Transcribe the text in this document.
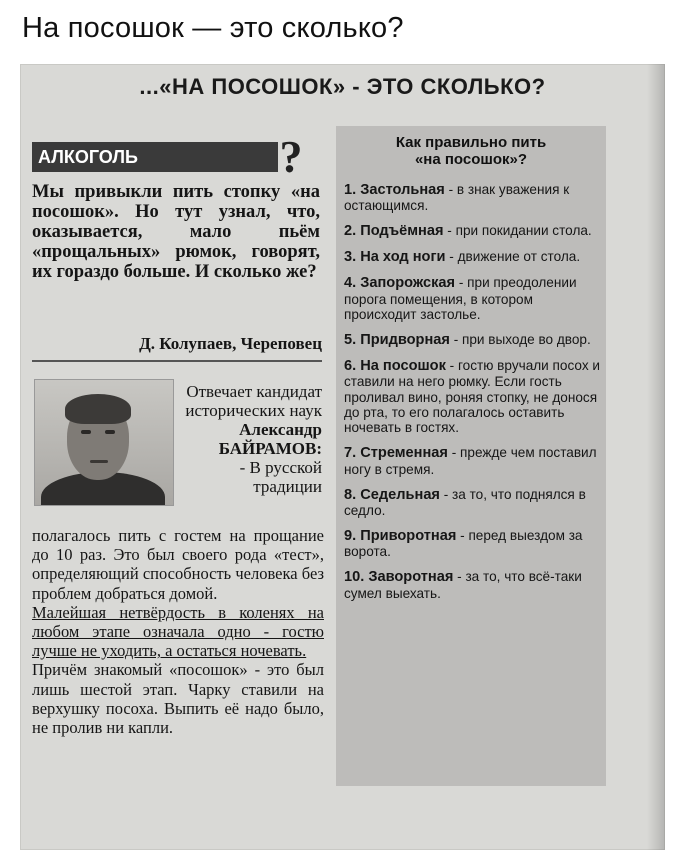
На посошок — это сколько?
...«НА ПОСОШОК» - ЭТО СКОЛЬКО?
АЛКОГОЛЬ	?
Мы привыкли пить стопку «на посошок». Но тут узнал, что, оказывается, мало пьём «прощальных» рюмок, говорят, их гораздо больше. И сколько же?
Д. Колупаев, Череповец
Отвечает кандидат исторических наук
Александр БАЙРАМОВ:
- В русской традиции

полагалось пить с гостем на прощание до 10 раз. Это был своего рода «тест», определяющий способность человека без проблем добраться домой.

Малейшая нетвёрдость в коленях на любом этапе означала одно - гостю лучше не уходить, а остаться ночевать.

Причём знакомый «посошок» - это был лишь шестой этап. Чарку ставили на верхушку посоха. Выпить её надо было, не пролив ни капли.

Как правильно пить
«на посошок»?
1. Застольная - в знак уважения к остающимся.
2. Подъёмная - при покидании стола.
3. На ход ноги - движение от стола.
4. Запорожская - при преодолении порога помещения, в котором происходит застолье.
5. Придворная - при выходе во двор.
6. На посошок - гостю вручали посох и ставили на него рюмку. Если гость проливал вино, роняя стопку, не донося до рта, то его полагалось оставить ночевать в гостях.
7. Стременная - прежде чем поставил ногу в стремя.
8. Седельная - за то, что поднялся в седло.
9. Приворотная - перед выездом за ворота.
10. Заворотная - за то, что всё-таки сумел выехать.
